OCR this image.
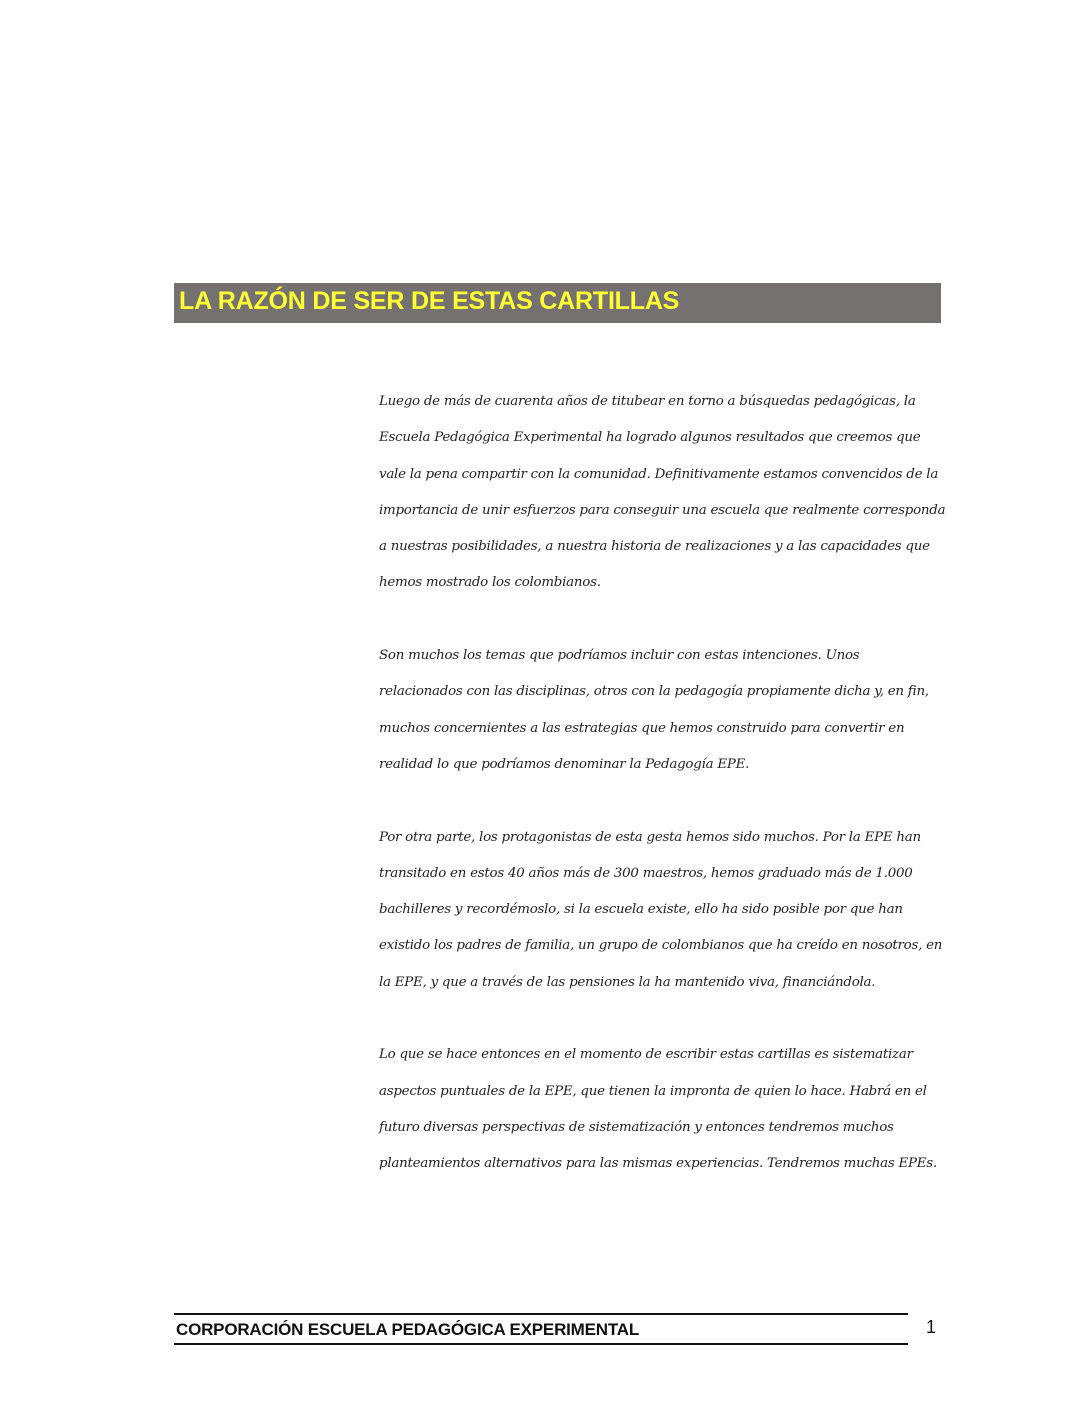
LA RAZÓN DE SER DE ESTAS CARTILLAS
Luego de más de cuarenta años de titubear en torno a búsquedas pedagógicas, la
Escuela Pedagógica Experimental ha logrado algunos resultados que creemos que
vale la pena compartir con la comunidad. Definitivamente estamos convencidos de la
importancia de unir esfuerzos para conseguir una escuela que realmente corresponda
a nuestras posibilidades, a nuestra historia de realizaciones y a las capacidades que
hemos mostrado los colombianos.
Son muchos los temas que podríamos incluir con estas intenciones. Unos
relacionados con las disciplinas, otros con la pedagogía propiamente dicha y, en fin,
muchos concernientes a las estrategias que hemos construido para convertir en
realidad lo que podríamos denominar la Pedagogía EPE.
Por otra parte, los protagonistas de esta gesta hemos sido muchos. Por la EPE han
transitado en estos 40 años más de 300 maestros, hemos graduado más de 1.000
bachilleres y recordémoslo, si la escuela existe, ello ha sido posible por que han
existido los padres de familia, un grupo de colombianos que ha creído en nosotros, en
la EPE, y que a través de las pensiones la ha mantenido viva, financiándola.
Lo que se hace entonces en el momento de escribir estas cartillas es sistematizar
aspectos puntuales de la EPE, que tienen la impronta de quien lo hace. Habrá en el
futuro diversas perspectivas de sistematización y entonces tendremos muchos
planteamientos alternativos para las mismas experiencias. Tendremos muchas EPEs.
CORPORACIÓN ESCUELA PEDAGÓGICA EXPERIMENTAL	1
